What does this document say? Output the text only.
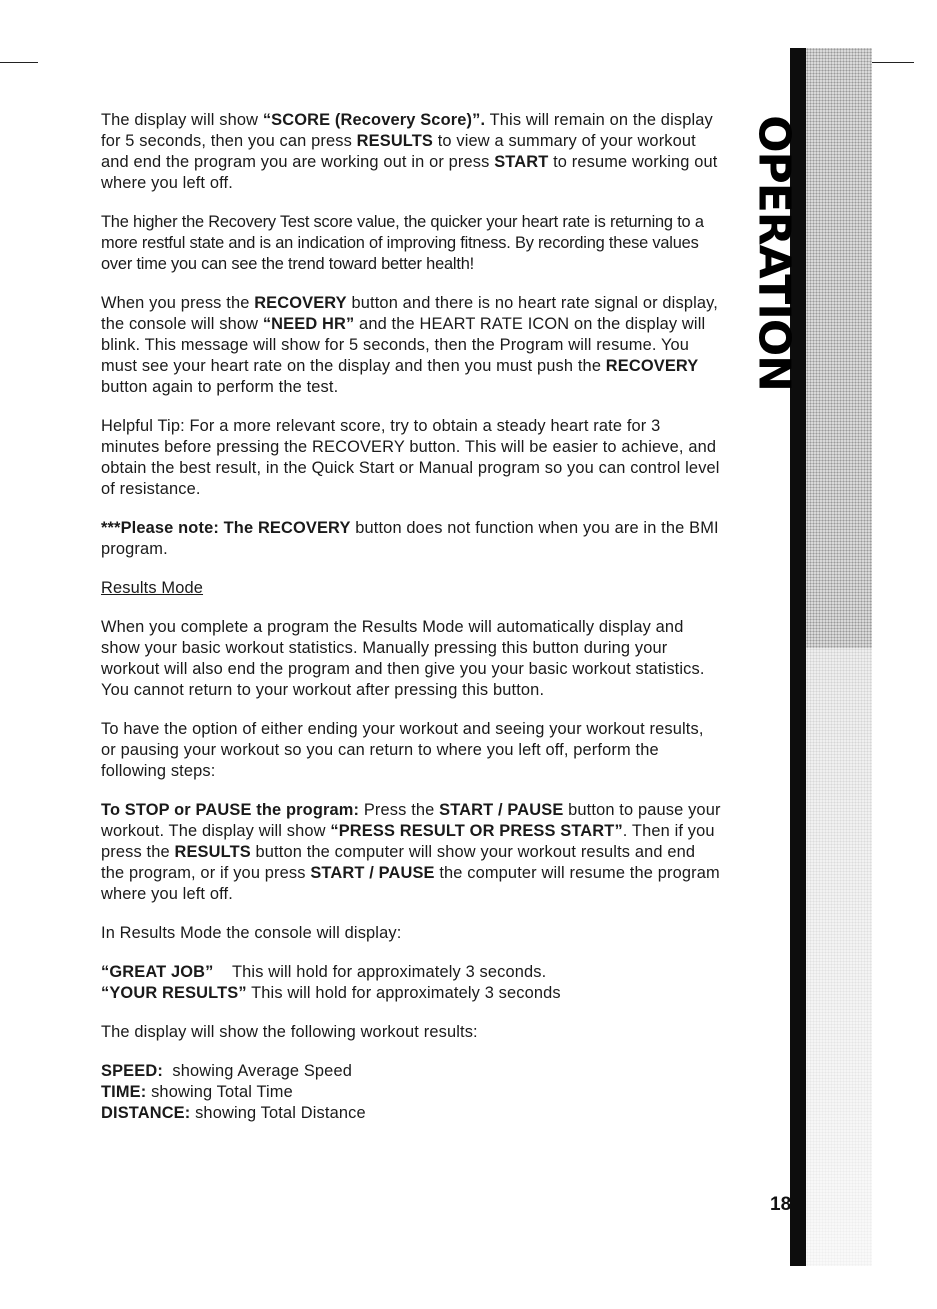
OPERATION

The display will show “SCORE (Recovery Score)”. This will remain on the display for 5 seconds, then you can press RESULTS to view a summary of your workout and end the program you are working out in or press START to resume working out where you left off.

The higher the Recovery Test score value, the quicker your heart rate is returning to a more restful state and is an indication of improving fitness. By recording these values over time you can see the trend toward better health!

When you press the RECOVERY button and there is no heart rate signal or display, the console will show “NEED HR” and the HEART RATE ICON on the display will blink. This message will show for 5 seconds, then the Program will resume. You must see your heart rate on the display and then you must push the RECOVERY button again to perform the test.

Helpful Tip: For a more relevant score, try to obtain a steady heart rate for 3 minutes before pressing the RECOVERY button. This will be easier to achieve, and obtain the best result, in the Quick Start or Manual program so you can control level of resistance.

***Please note: The RECOVERY button does not function when you are in the BMI program.

Results Mode

When you complete a program the Results Mode will automatically display and show your basic workout statistics. Manually pressing this button during your workout will also end the program and then give you your basic workout statistics. You cannot return to your workout after pressing this button.

To have the option of either ending your workout and seeing your workout results, or pausing your workout so you can return to where you left off, perform the following steps:

To STOP or PAUSE the program: Press the START / PAUSE button to pause your workout. The display will show “PRESS RESULT OR PRESS START”. Then if you press the RESULTS button the computer will show your workout results and end the program, or if you press START / PAUSE the computer will resume the program where you left off.

In Results Mode the console will display:

“GREAT JOB”    This will hold for approximately 3 seconds.
“YOUR RESULTS” This will hold for approximately 3 seconds

The display will show the following workout results:

SPEED:  showing Average Speed
TIME: showing Total Time
DISTANCE: showing Total Distance
18
